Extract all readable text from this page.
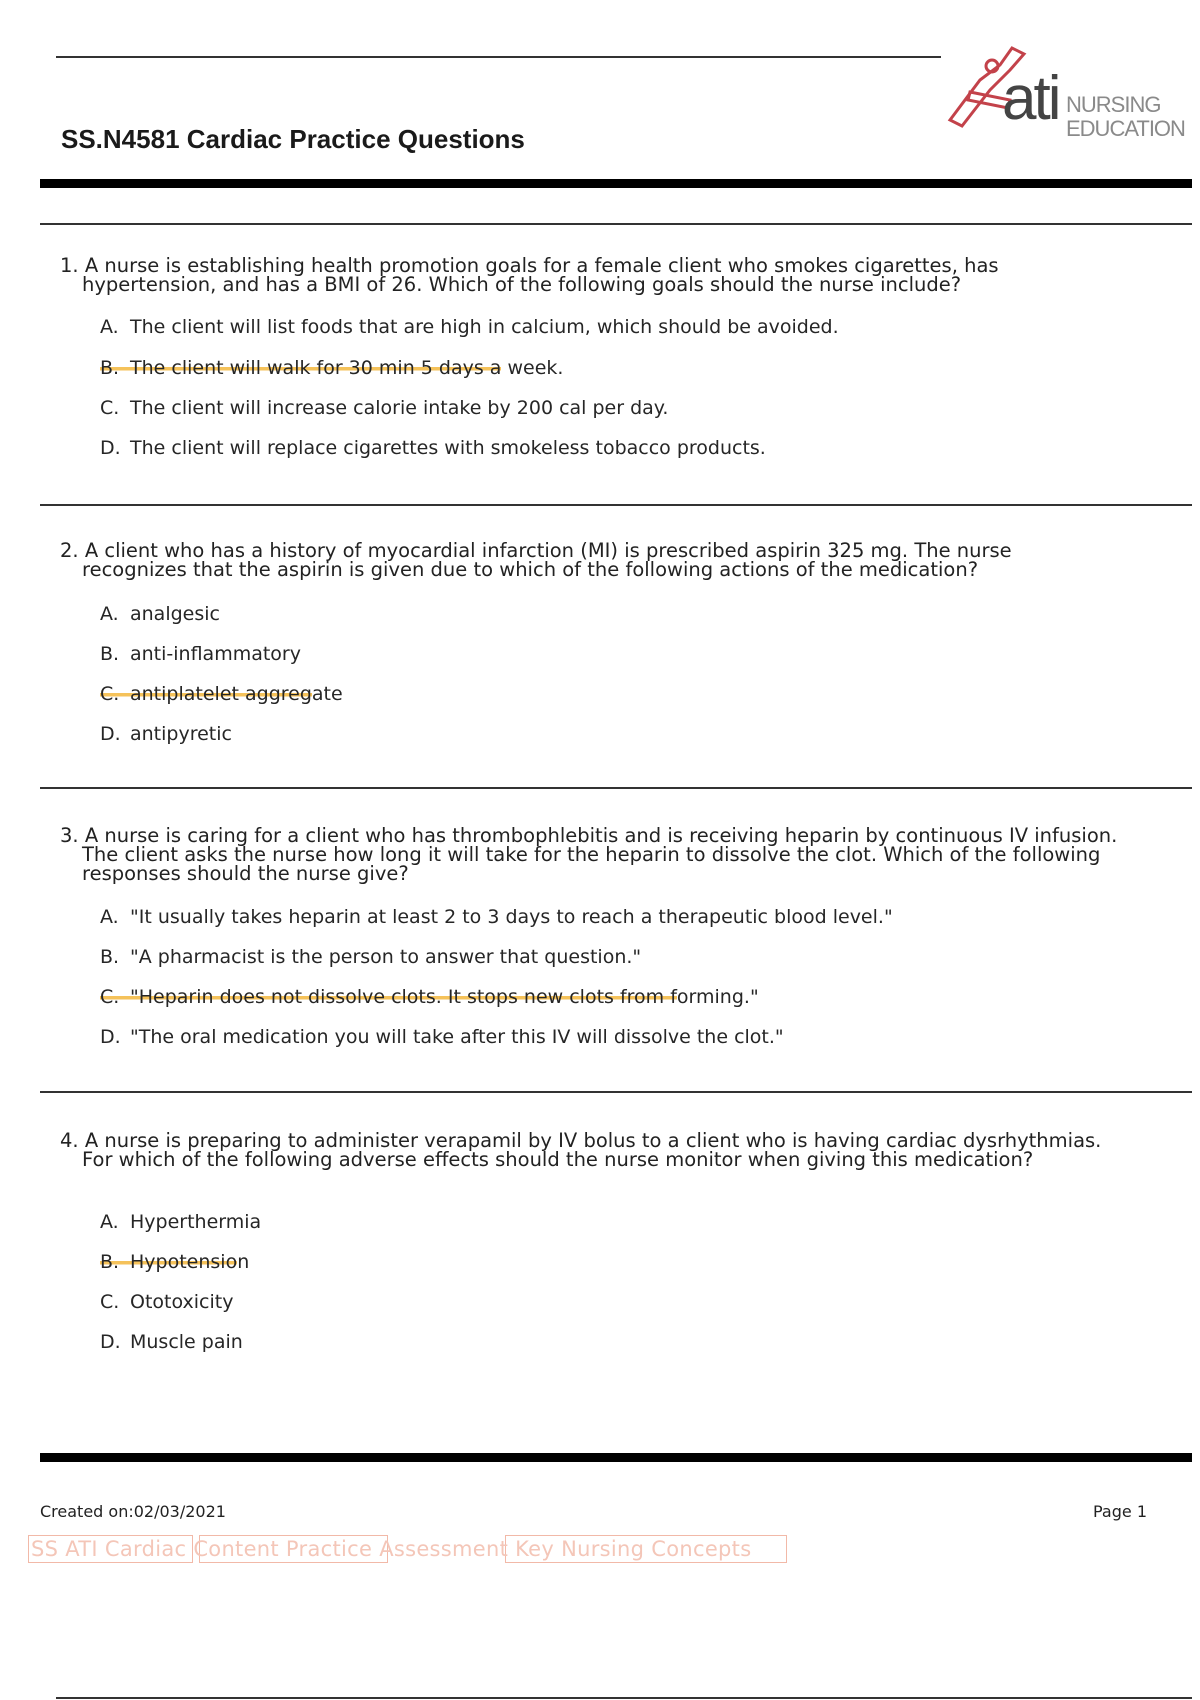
SS.N4581 Cardiac Practice Questions
ati NURSING
EDUCATION

1. A nurse is establishing health promotion goals for a female client who smokes cigarettes, has hypertension, and has a BMI of 26. Which of the following goals should the nurse include?

A. The client will list foods that are high in calcium, which should be avoided.
B. The client will walk for 30 min 5 days a week.
C. The client will increase calorie intake by 200 cal per day.
D. The client will replace cigarettes with smokeless tobacco products.

2. A client who has a history of myocardial infarction (MI) is prescribed aspirin 325 mg. The nurse recognizes that the aspirin is given due to which of the following actions of the medication?

A. analgesic
B. anti-inflammatory
C. antiplatelet aggregate
D. antipyretic

3. A nurse is caring for a client who has thrombophlebitis and is receiving heparin by continuous IV infusion. The client asks the nurse how long it will take for the heparin to dissolve the clot. Which of the following responses should the nurse give?

A. "It usually takes heparin at least 2 to 3 days to reach a therapeutic blood level."
B. "A pharmacist is the person to answer that question."
C. "Heparin does not dissolve clots. It stops new clots from forming."
D. "The oral medication you will take after this IV will dissolve the clot."

4. A nurse is preparing to administer verapamil by IV bolus to a client who is having cardiac dysrhythmias. For which of the following adverse effects should the nurse monitor when giving this medication?

A. Hyperthermia
B. Hypotension
C. Ototoxicity
D. Muscle pain
Created on:02/03/2021	Page 1
SS ATI Cardiac Content Practice Assessment Key Nursing Concepts
